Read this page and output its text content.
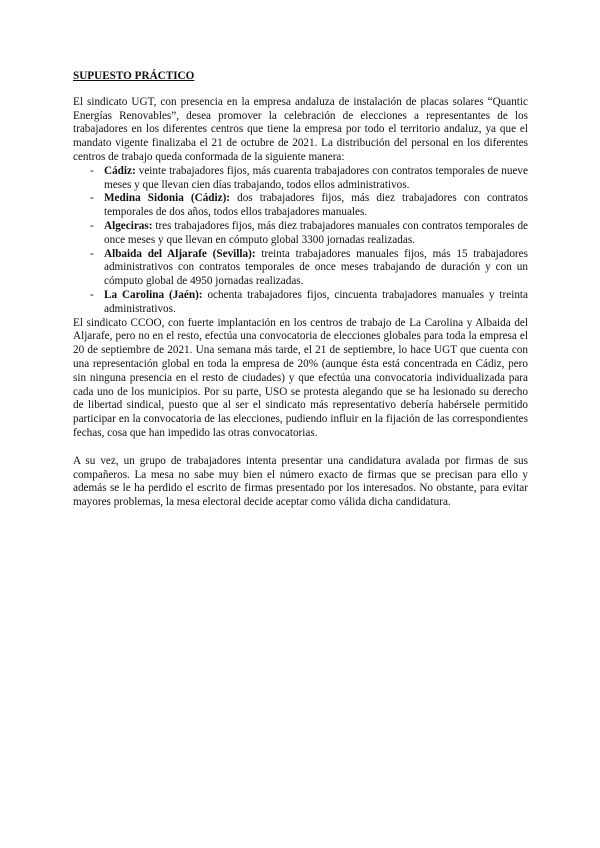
SUPUESTO PRÁCTICO

El sindicato UGT, con presencia en la empresa andaluza de instalación de placas solares “Quantic Energías Renovables”, desea promover la celebración de elecciones a representantes de los trabajadores en los diferentes centros que tiene la empresa por todo el territorio andaluz, ya que el mandato vigente finalizaba el 21 de octubre de 2021. La distribución del personal en los diferentes centros de trabajo queda conformada de la siguiente manera:

- Cádiz: veinte trabajadores fijos, más cuarenta trabajadores con contratos temporales de nueve meses y que llevan cien días trabajando, todos ellos administrativos.
- Medina Sidonia (Cádiz): dos trabajadores fijos, más diez trabajadores con contratos temporales de dos años, todos ellos trabajadores manuales.
- Algeciras: tres trabajadores fijos, más diez trabajadores manuales con contratos temporales de once meses y que llevan en cómputo global 3300 jornadas realizadas.
- Albaida del Aljarafe (Sevilla): treinta trabajadores manuales fijos, más 15 trabajadores administrativos con contratos temporales de once meses trabajando de duración y con un cómputo global de 4950 jornadas realizadas.
- La Carolina (Jaén): ochenta trabajadores fijos, cincuenta trabajadores manuales y treinta administrativos.

El sindicato CCOO, con fuerte implantación en los centros de trabajo de La Carolina y Albaida del Aljarafe, pero no en el resto, efectúa una convocatoria de elecciones globales para toda la empresa el 20 de septiembre de 2021. Una semana más tarde, el 21 de septiembre, lo hace UGT que cuenta con una representación global en toda la empresa de 20% (aunque ésta está concentrada en Cádiz, pero sin ninguna presencia en el resto de ciudades) y que efectúa una convocatoria individualizada para cada uno de los municipios. Por su parte, USO se protesta alegando que se ha lesionado su derecho de libertad sindical, puesto que al ser el sindicato más representativo debería habérsele permitido participar en la convocatoria de las elecciones, pudiendo influir en la fijación de las correspondientes fechas, cosa que han impedido las otras convocatorias.

A su vez, un grupo de trabajadores intenta presentar una candidatura avalada por firmas de sus compañeros. La mesa no sabe muy bien el número exacto de firmas que se precisan para ello y además se le ha perdido el escrito de firmas presentado por los interesados. No obstante, para evitar mayores problemas, la mesa electoral decide aceptar como válida dicha candidatura.
